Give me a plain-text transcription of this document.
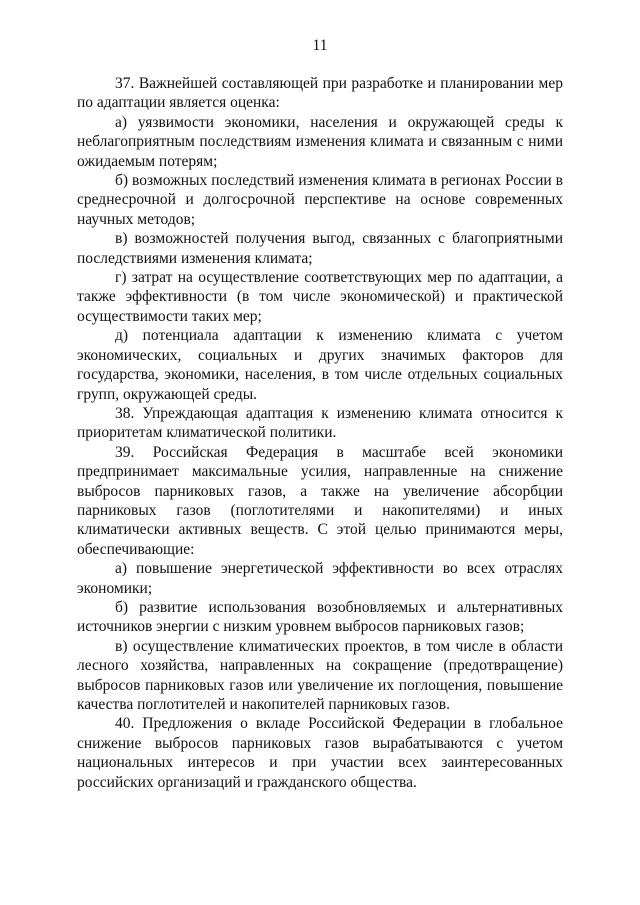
11

37. Важнейшей составляющей при разработке и планировании мер по адаптации является оценка:

а) уязвимости экономики, населения и окружающей среды к неблагоприятным последствиям изменения климата и связанным с ними ожидаемым потерям;

б) возможных последствий изменения климата в регионах России в среднесрочной и долгосрочной перспективе на основе современных научных методов;

в) возможностей получения выгод, связанных с благоприятными последствиями изменения климата;

г) затрат на осуществление соответствующих мер по адаптации, а также эффективности (в том числе экономической) и практической осуществимости таких мер;

д) потенциала адаптации к изменению климата с учетом экономических, социальных и других значимых факторов для государства, экономики, населения, в том числе отдельных социальных групп, окружающей среды.

38. Упреждающая адаптация к изменению климата относится к приоритетам климатической политики.

39. Российская Федерация в масштабе всей экономики предпринимает максимальные усилия, направленные на снижение выбросов парниковых газов, а также на увеличение абсорбции парниковых газов (поглотителями и накопителями) и иных климатически активных веществ. С этой целью принимаются меры, обеспечивающие:

а) повышение энергетической эффективности во всех отраслях экономики;

б) развитие использования возобновляемых и альтернативных источников энергии с низким уровнем выбросов парниковых газов;

в) осуществление климатических проектов, в том числе в области лесного хозяйства, направленных на сокращение (предотвращение) выбросов парниковых газов или увеличение их поглощения, повышение качества поглотителей и накопителей парниковых газов.

40. Предложения о вкладе Российской Федерации в глобальное снижение выбросов парниковых газов вырабатываются с учетом национальных интересов и при участии всех заинтересованных российских организаций и гражданского общества.
